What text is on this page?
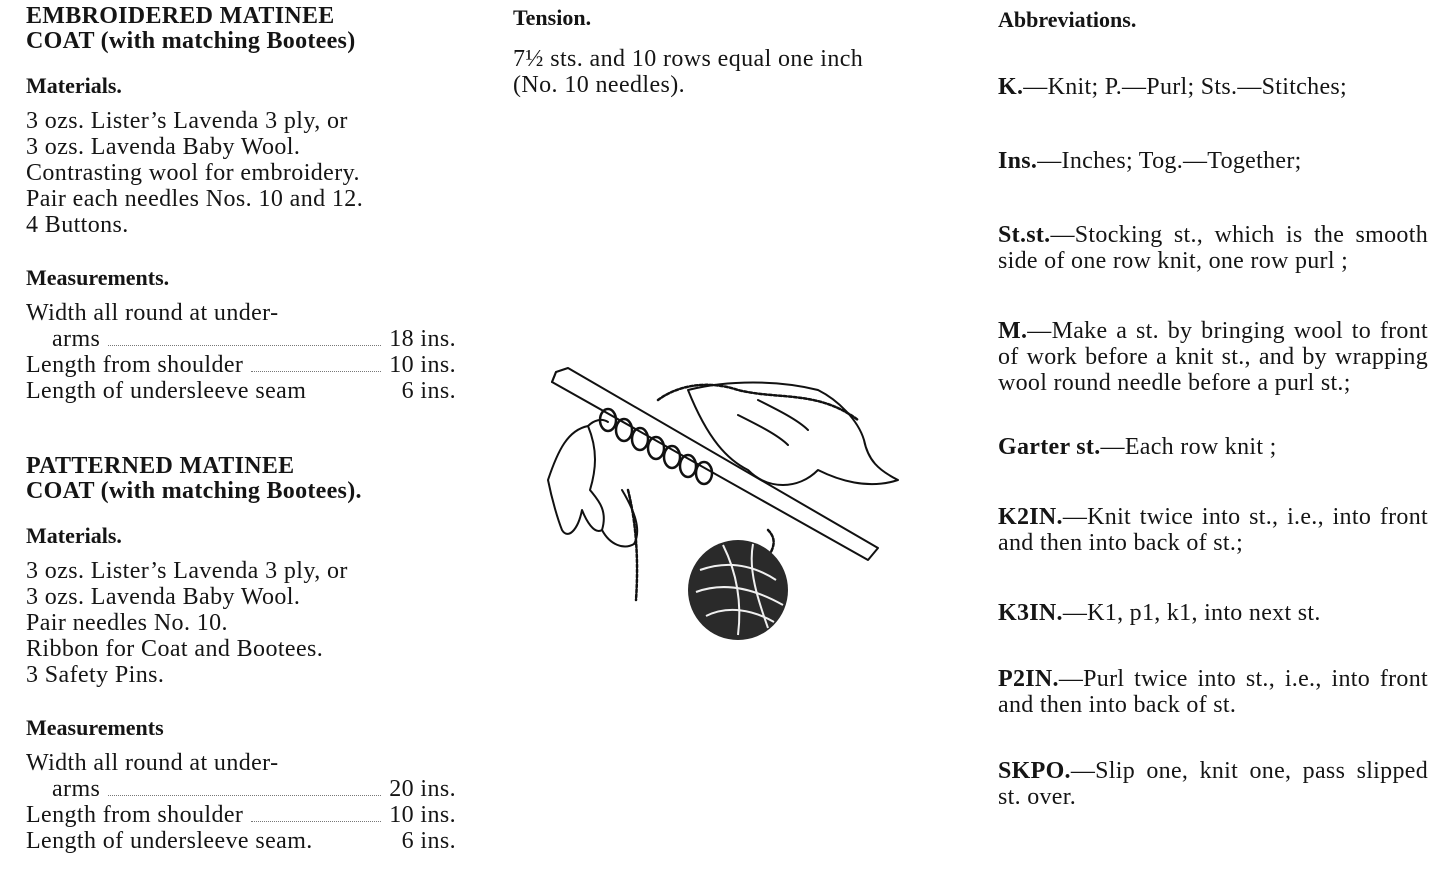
EMBROIDERED MATINEE
COAT (with matching Bootees)
Materials.

3 ozs. Lister’s Lavenda 3 ply, or

3 ozs. Lavenda Baby Wool.

Contrasting wool for embroidery.

Pair each needles Nos. 10 and 12.

4 Buttons.

Measurements.
Width all round at under-
arms	18 ins.
Length from shoulder	10 ins.
Length of undersleeve seam	6 ins.
PATTERNED MATINEE
COAT (with matching Bootees).
Materials.

3 ozs. Lister’s Lavenda 3 ply, or

3 ozs. Lavenda Baby Wool.

Pair needles No. 10.

Ribbon for Coat and Bootees.

3 Safety Pins.

Measurements
Width all round at under-
arms	20 ins.
Length from shoulder	10 ins.
Length of undersleeve seam.	6 ins.
Tension.

7½ sts. and 10 rows equal one inch

(No. 10 needles).

Abbreviations.

K.—Knit; P.—Purl; Sts.—Stitches;

Ins.—Inches; Tog.—Together;

St.st.—Stocking st., which is the smooth side of one row knit, one row purl ;

M.—Make a st. by bringing wool to front of work before a knit st., and by wrapping wool round needle before a purl st.;

Garter st.—Each row knit ;

K2IN.—Knit twice into st., i.e., into front and then into back of st.;

K3IN.—K1, p1, k1, into next st.

P2IN.—Purl twice into st., i.e., into front and then into back of st.

SKPO.—Slip one, knit one, pass slipped st. over.
